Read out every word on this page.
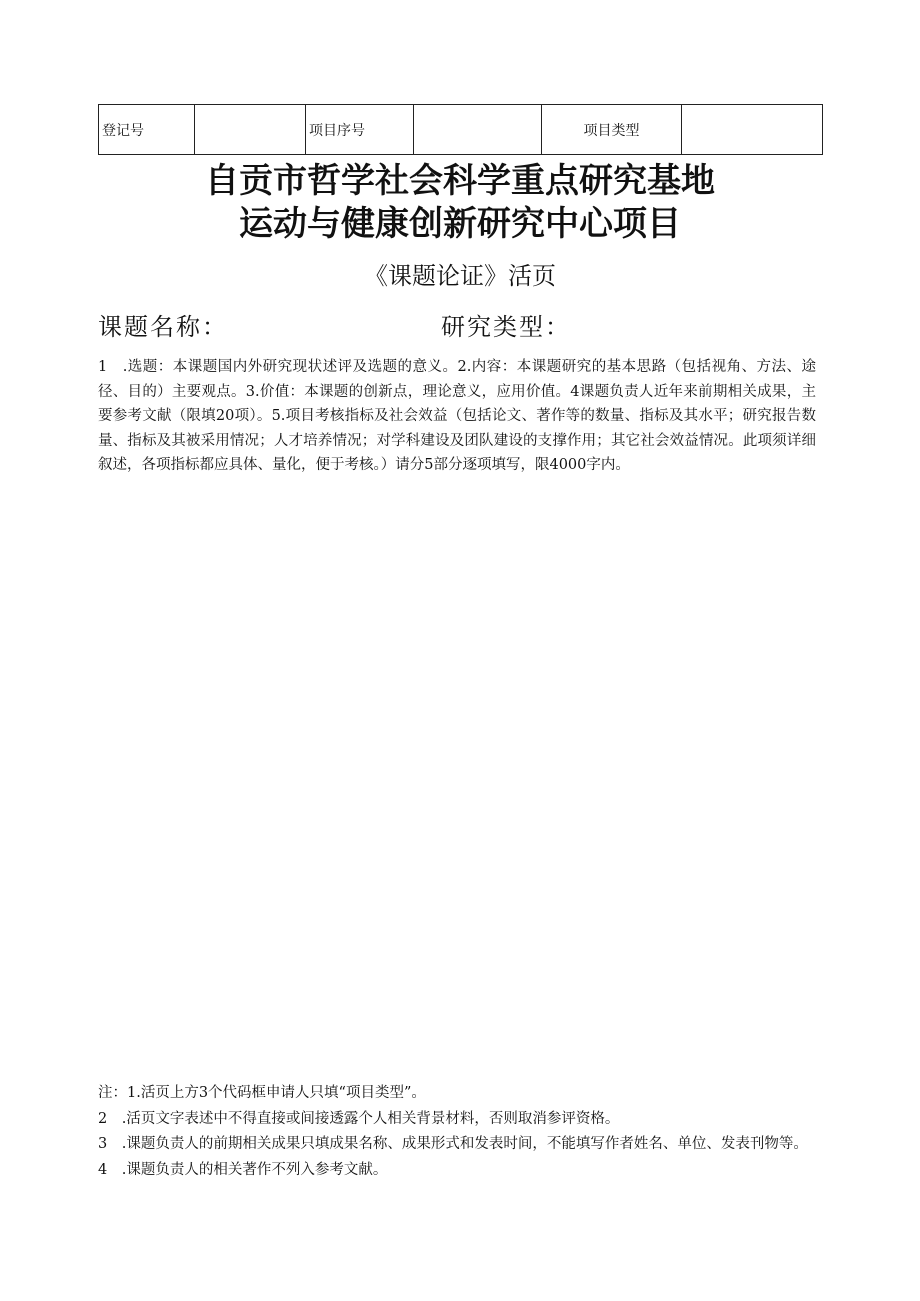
登记号		项目序号		项目类型	
自贡市哲学社会科学重点研究基地
运动与健康创新研究中心项目
《课题论证》活页
课题名称：	研究类型：
1　.选题：本课题国内外研究现状述评及选题的意义。2.内容：本课题研究的基本思路（包括视角、方法、途径、目的）主要观点。3.价值：本课题的创新点，理论意义，应用价值。4课题负责人近年来前期相关成果，主要参考文献（限填20项）。5.项目考核指标及社会效益（包括论文、著作等的数量、指标及其水平；研究报告数量、指标及其被采用情况；人才培养情况；对学科建设及团队建设的支撑作用；其它社会效益情况。此项须详细叙述，各项指标都应具体、量化，便于考核。）请分5部分逐项填写，限4000字内。

注：1.活页上方3个代码框申请人只填“项目类型”。

2　.活页文字表述中不得直接或间接透露个人相关背景材料，否则取消参评资格。

3　.课题负责人的前期相关成果只填成果名称、成果形式和发表时间，不能填写作者姓名、单位、发表刊物等。

4　.课题负责人的相关著作不列入参考文献。
